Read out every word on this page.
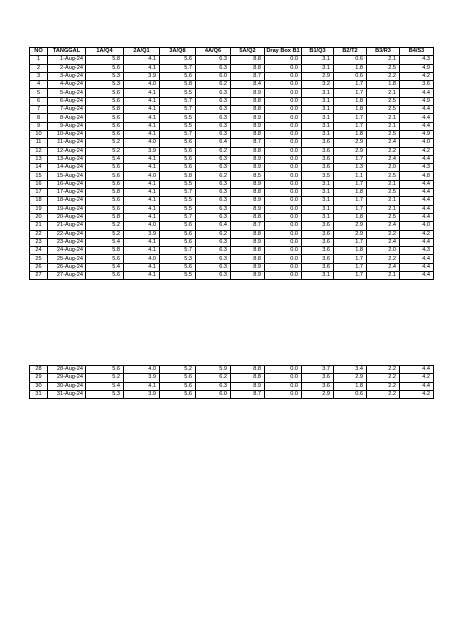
NO	TANGGAL	1A/Q4	2A/Q1	3A/Q8	4A/Q6	5A/Q2	Dray Box B1	B1/Q3	B2/T2	B3/R3	B4/S3
1	1-Aug-24	5.8	4.1	5.6	6.3	8.8	0.0	3.1	0.6	2.1	4.3
2	2-Aug-24	5.6	4.1	5.7	6.3	8.8	0.0	3.1	1.8	2.5	4.9
3	3-Aug-24	5.3	3.9	5.6	6.0	8.7	0.0	2.9	0.6	2.2	4.2
4	4-Aug-24	5.3	4.0	5.8	6.2	8.4	0.0	3.2	1.7	1.8	3.6
5	5-Aug-24	5.6	4.1	5.5	6.3	8.9	0.0	3.1	1.7	2.1	4.4
6	6-Aug-24	5.6	4.1	5.7	6.3	8.8	0.0	3.1	1.8	2.5	4.9
7	7-Aug-24	5.8	4.1	5.7	6.3	8.8	0.0	3.1	1.8	2.5	4.4
8	8-Aug-24	5.6	4.1	5.5	6.3	8.9	0.0	3.1	1.7	2.1	4.4
9	9-Aug-24	5.6	4.1	5.5	6.3	8.9	0.0	3.1	1.7	2.1	4.4
10	10-Aug-24	5.6	4.1	5.7	6.3	8.8	0.0	3.1	1.8	2.5	4.9
11	11-Aug-24	5.2	4.0	5.6	6.4	8.7	0.0	3.6	2.9	2.4	4.0
12	12-Aug-24	5.2	3.9	5.6	6.2	8.8	0.0	3.6	2.9	2.2	4.2
13	13-Aug-24	5.4	4.1	5.6	6.3	8.9	0.0	3.6	1.7	2.4	4.4
14	14-Aug-24	5.6	4.1	5.6	6.3	8.9	0.0	3.6	1.3	2.0	4.3
15	15-Aug-24	5.6	4.0	5.8	6.2	8.5	0.0	3.5	1.1	2.5	4.8
16	16-Aug-24	5.6	4.1	5.5	6.3	8.9	0.0	3.1	1.7	2.1	4.4
17	17-Aug-24	5.8	4.1	5.7	6.3	8.8	0.0	3.1	1.8	2.5	4.4
18	18-Aug-24	5.6	4.1	5.5	6.3	8.9	0.0	3.1	1.7	2.1	4.4
19	19-Aug-24	5.6	4.1	5.5	6.3	8.9	0.0	3.1	1.7	2.1	4.4
20	20-Aug-24	5.8	4.1	5.7	6.3	8.8	0.0	3.1	1.8	2.5	4.4
21	21-Aug-24	5.2	4.0	5.6	6.4	8.7	0.0	3.6	2.9	2.4	4.0
22	22-Aug-24	5.2	3.9	5.6	6.2	8.8	0.0	3.6	2.9	2.2	4.2
23	23-Aug-24	5.4	4.1	5.6	6.3	8.9	0.0	3.6	1.7	2.4	4.4
24	24-Aug-24	5.8	4.1	5.7	6.3	8.8	0.0	3.6	1.8	2.0	4.3
25	25-Aug-24	5.6	4.0	5.3	6.3	8.8	0.0	3.6	1.7	2.2	4.4
26	26-Aug-24	5.4	4.1	5.6	6.3	8.9	0.0	3.6	1.7	2.4	4.4
27	27-Aug-24	5.6	4.1	5.5	6.3	8.9	0.0	3.1	1.7	2.1	4.4
28	28-Aug-24	5.6	4.0	5.2	5.9	8.8	0.0	3.7	3.4	2.2	4.4
29	29-Aug-24	5.2	3.9	5.6	6.2	8.8	0.0	3.6	2.9	2.2	4.2
30	30-Aug-24	5.4	4.1	5.6	6.3	8.9	0.0	3.6	1.8	2.2	4.4
31	31-Aug-24	5.3	3.9	5.6	6.0	8.7	0.0	2.9	0.6	2.2	4.2
